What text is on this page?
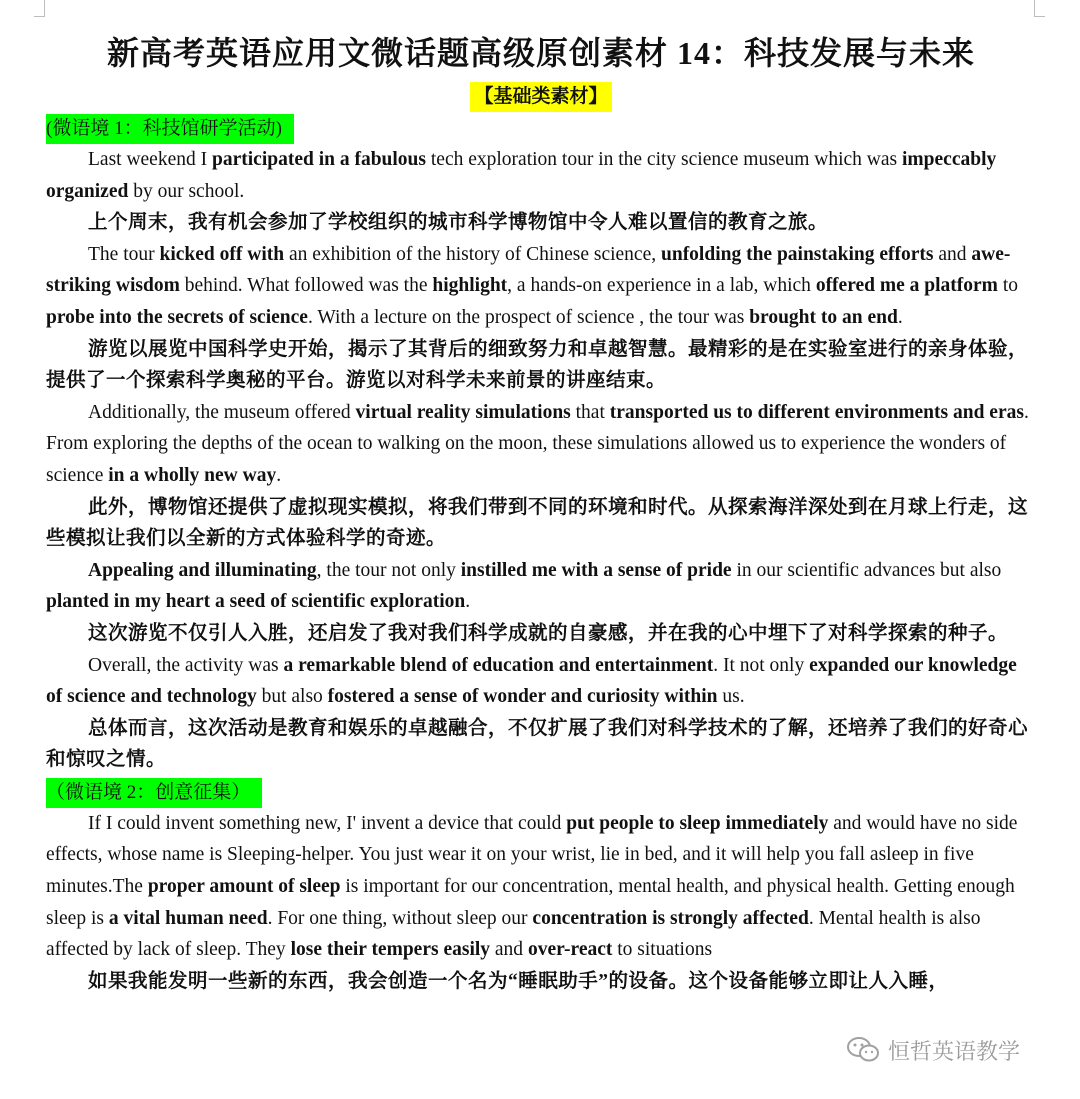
新高考英语应用文微话题高级原创素材 14：科技发展与未来
【基础类素材】
(微语境 1：科技馆研学活动)

Last weekend I participated in a fabulous tech exploration tour in the city science museum which was impeccably organized by our school.

上个周末，我有机会参加了学校组织的城市科学博物馆中令人难以置信的教育之旅。

The tour kicked off with an exhibition of the history of Chinese science, unfolding the painstaking efforts and awe-striking wisdom behind. What followed was the highlight, a hands-on experience in a lab, which offered me a platform to probe into the secrets of science. With a lecture on the prospect of science , the tour was brought to an end.

游览以展览中国科学史开始，揭示了其背后的细致努力和卓越智慧。最精彩的是在实验室进行的亲身体验，提供了一个探索科学奥秘的平台。游览以对科学未来前景的讲座结束。

Additionally, the museum offered virtual reality simulations that transported us to different environments and eras. From exploring the depths of the ocean to walking on the moon, these simulations allowed us to experience the wonders of science in a wholly new way.

此外，博物馆还提供了虚拟现实模拟，将我们带到不同的环境和时代。从探索海洋深处到在月球上行走，这些模拟让我们以全新的方式体验科学的奇迹。

Appealing and illuminating, the tour not only instilled me with a sense of pride in our scientific advances but also planted in my heart a seed of scientific exploration.

这次游览不仅引人入胜，还启发了我对我们科学成就的自豪感，并在我的心中埋下了对科学探索的种子。

Overall, the activity was a remarkable blend of education and entertainment. It not only expanded our knowledge of science and technology but also fostered a sense of wonder and curiosity within us.

总体而言，这次活动是教育和娱乐的卓越融合，不仅扩展了我们对科学技术的了解，还培养了我们的好奇心和惊叹之情。

（微语境 2：创意征集）

If I could invent something new, I' invent a device that could put people to sleep immediately and would have no side effects, whose name is Sleeping-helper. You just wear it on your wrist, lie in bed, and it will help you fall asleep in five minutes.The proper amount of sleep is important for our concentration, mental health, and physical health. Getting enough sleep is a vital human need. For one thing, without sleep our concentration is strongly affected. Mental health is also affected by lack of sleep. They lose their tempers easily and over-react to situations

如果我能发明一些新的东西，我会创造一个名为“睡眠助手”的设备。这个设备能够立即让人入睡，

恒哲英语教学
